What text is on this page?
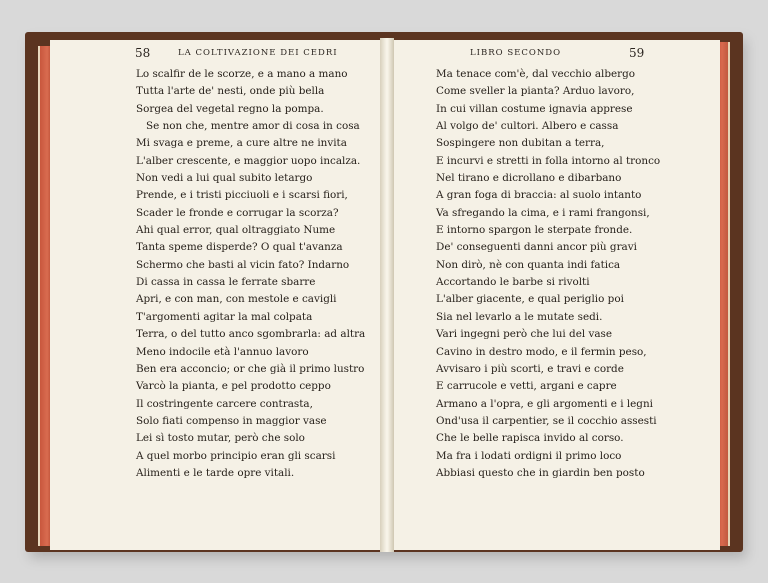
58	LA COLTIVAZIONE DEI CEDRI
Lo scalfir de le scorze, e a mano a mano
Tutta l'arte de' nesti, onde più bella
Sorgea del vegetal regno la pompa.
Se non che, mentre amor di cosa in cosa
Mi svaga e preme, a cure altre ne invita
L'alber crescente, e maggior uopo incalza.
Non vedi a lui qual subito letargo
Prende, e i tristi picciuoli e i scarsi fiori,
Scader le fronde e corrugar la scorza?
Ahi qual error, qual oltraggiato Nume
Tanta speme disperde? O qual t'avanza
Schermo che basti al vicin fato? Indarno
Di cassa in cassa le ferrate sbarre
Apri, e con man, con mestole e cavigli
T'argomenti agitar la mal colpata
Terra, o del tutto anco sgombrarla: ad altra
Meno indocile età l'annuo lavoro
Ben era acconcio; or che già il primo lustro
Varcò la pianta, e pel prodotto ceppo
Il costringente carcere contrasta,
Solo fiati compenso in maggior vase
Lei sì tosto mutar, però che solo
A quel morbo principio eran gli scarsi
Alimenti e le tarde opre vitali.
LIBRO SECONDO	59
Ma tenace com'è, dal vecchio albergo
Come sveller la pianta? Arduo lavoro,
In cui villan costume ignavia apprese
Al volgo de' cultori. Albero e cassa
Sospingere non dubitan a terra,
E incurvi e stretti in folla intorno al tronco
Nel tirano e dicrollano e dibarbano
A gran foga di braccia: al suolo intanto
Va sfregando la cima, e i rami frangonsi,
E intorno spargon le sterpate fronde.
De' conseguenti danni ancor più gravi
Non dirò, nè con quanta indi fatica
Accortando le barbe si rivolti
L'alber giacente, e qual periglio poi
Sia nel levarlo a le mutate sedi.
Vari ingegni però che lui del vase
Cavino in destro modo, e il fermin peso,
Avvisaro i più scorti, e travi e corde
E carrucole e vetti, argani e capre
Armano a l'opra, e gli argomenti e i legni
Ond'usa il carpentier, se il cocchio assesti
Che le belle rapisca invido al corso.
Ma fra i lodati ordigni il primo loco
Abbiasi questo che in giardin ben posto
